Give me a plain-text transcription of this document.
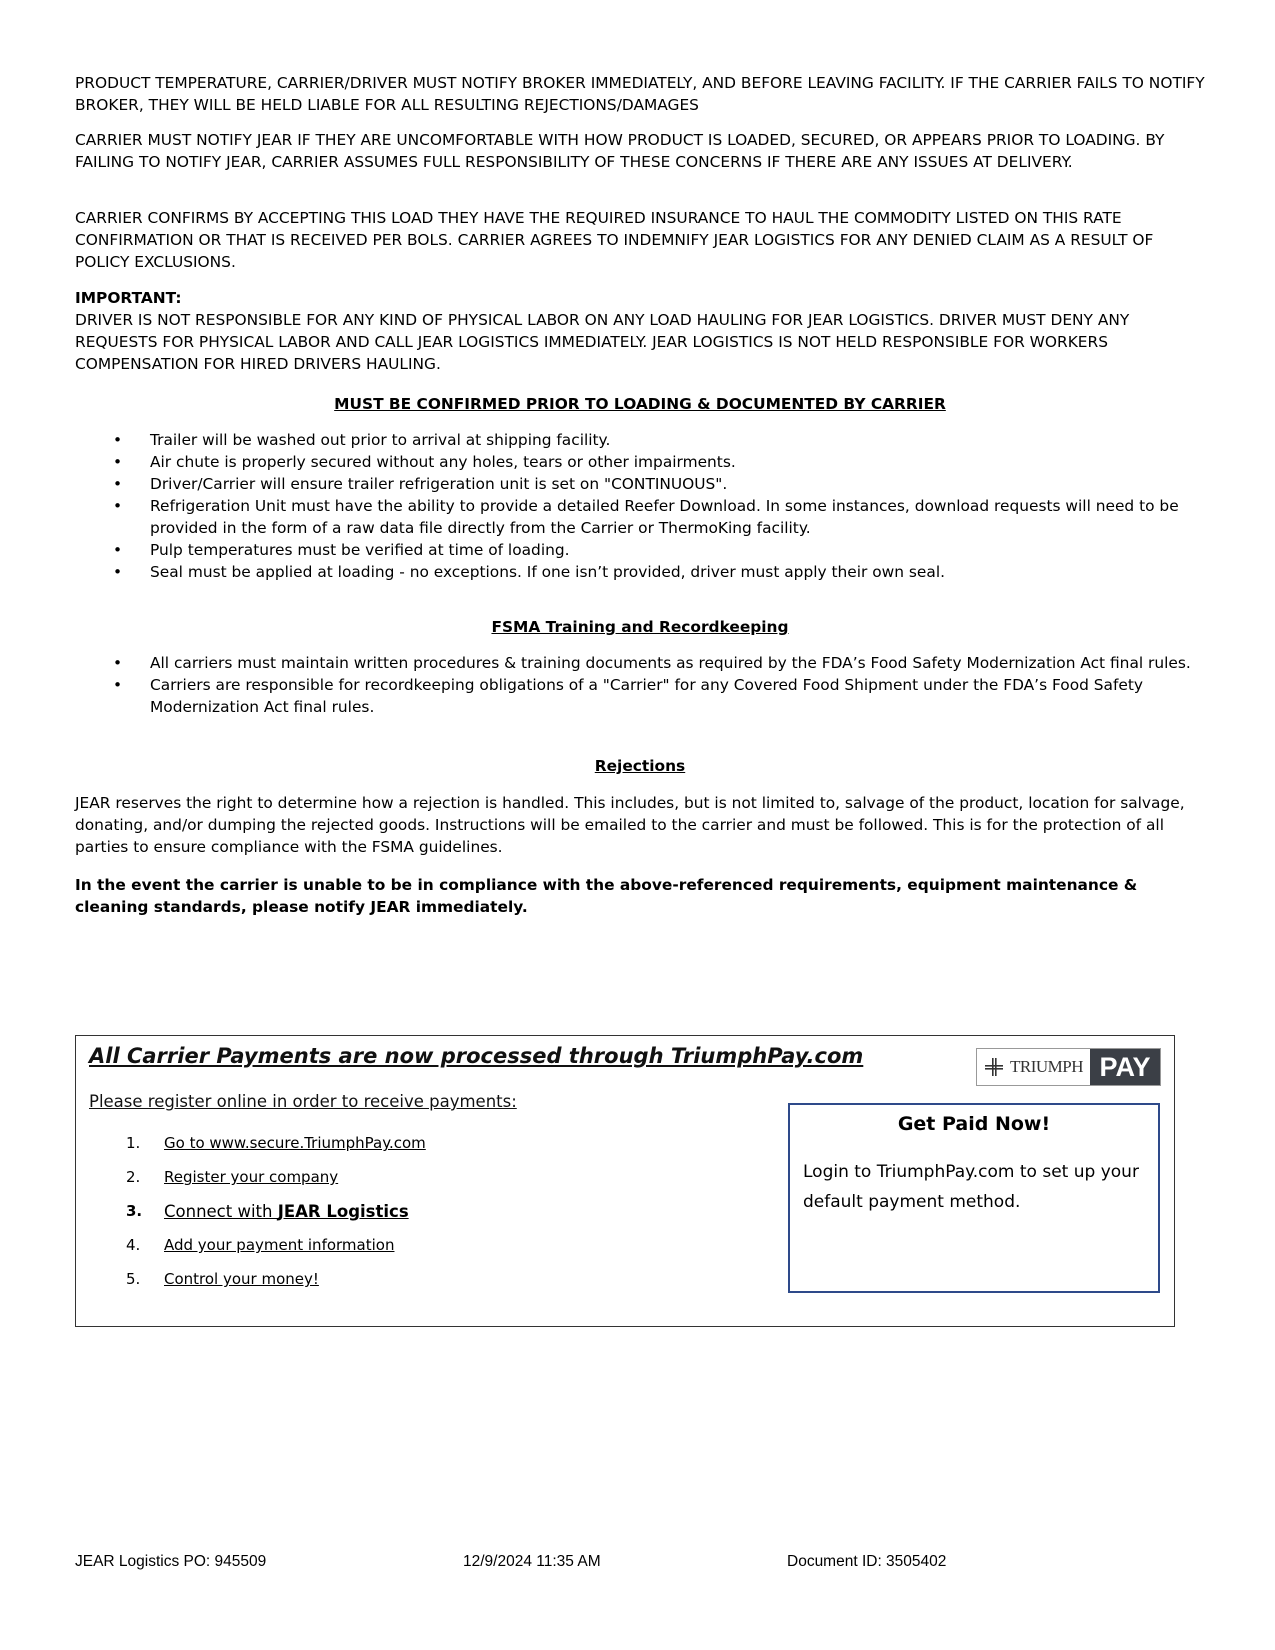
PRODUCT TEMPERATURE, CARRIER/DRIVER MUST NOTIFY BROKER IMMEDIATELY, AND BEFORE LEAVING FACILITY. IF THE CARRIER FAILS TO NOTIFY BROKER, THEY WILL BE HELD LIABLE FOR ALL RESULTING REJECTIONS/DAMAGES

CARRIER MUST NOTIFY JEAR IF THEY ARE UNCOMFORTABLE WITH HOW PRODUCT IS LOADED, SECURED, OR APPEARS PRIOR TO LOADING. BY FAILING TO NOTIFY JEAR, CARRIER ASSUMES FULL RESPONSIBILITY OF THESE CONCERNS IF THERE ARE ANY ISSUES AT DELIVERY.

CARRIER CONFIRMS BY ACCEPTING THIS LOAD THEY HAVE THE REQUIRED INSURANCE TO HAUL THE COMMODITY LISTED ON THIS RATE CONFIRMATION OR THAT IS RECEIVED PER BOLS. CARRIER AGREES TO INDEMNIFY JEAR LOGISTICS FOR ANY DENIED CLAIM AS A RESULT OF POLICY EXCLUSIONS.

IMPORTANT:
DRIVER IS NOT RESPONSIBLE FOR ANY KIND OF PHYSICAL LABOR ON ANY LOAD HAULING FOR JEAR LOGISTICS. DRIVER MUST DENY ANY REQUESTS FOR PHYSICAL LABOR AND CALL JEAR LOGISTICS IMMEDIATELY. JEAR LOGISTICS IS NOT HELD RESPONSIBLE FOR WORKERS COMPENSATION FOR HIRED DRIVERS HAULING.
MUST BE CONFIRMED PRIOR TO LOADING & DOCUMENTED BY CARRIER
• Trailer will be washed out prior to arrival at shipping facility.
• Air chute is properly secured without any holes, tears or other impairments.
• Driver/Carrier will ensure trailer refrigeration unit is set on "CONTINUOUS".
• Refrigeration Unit must have the ability to provide a detailed Reefer Download. In some instances, download requests will need to be provided in the form of a raw data file directly from the Carrier or ThermoKing facility.
• Pulp temperatures must be verified at time of loading.
• Seal must be applied at loading - no exceptions. If one isn’t provided, driver must apply their own seal.
FSMA Training and Recordkeeping
• All carriers must maintain written procedures & training documents as required by the FDA’s Food Safety Modernization Act final rules.
• Carriers are responsible for recordkeeping obligations of a "Carrier" for any Covered Food Shipment under the FDA’s Food Safety Modernization Act final rules.
Rejections

JEAR reserves the right to determine how a rejection is handled. This includes, but is not limited to, salvage of the product, location for salvage, donating, and/or dumping the rejected goods. Instructions will be emailed to the carrier and must be followed. This is for the protection of all parties to ensure compliance with the FSMA guidelines.

In the event the carrier is unable to be in compliance with the above-referenced requirements, equipment maintenance & cleaning standards, please notify JEAR immediately.

All Carrier Payments are now processed through TriumphPay.com	TRIUMPH PAY
Please register online in order to receive payments:
1.	Go to www.secure.TriumphPay.com
2.	Register your company
3.	Connect with JEAR Logistics
4.	Add your payment information
5.	Control your money!
Get Paid Now!
Login to TriumphPay.com to set up your default payment method.
JEAR Logistics PO: 945509	12/9/2024 11:35 AM	Document ID: 3505402
